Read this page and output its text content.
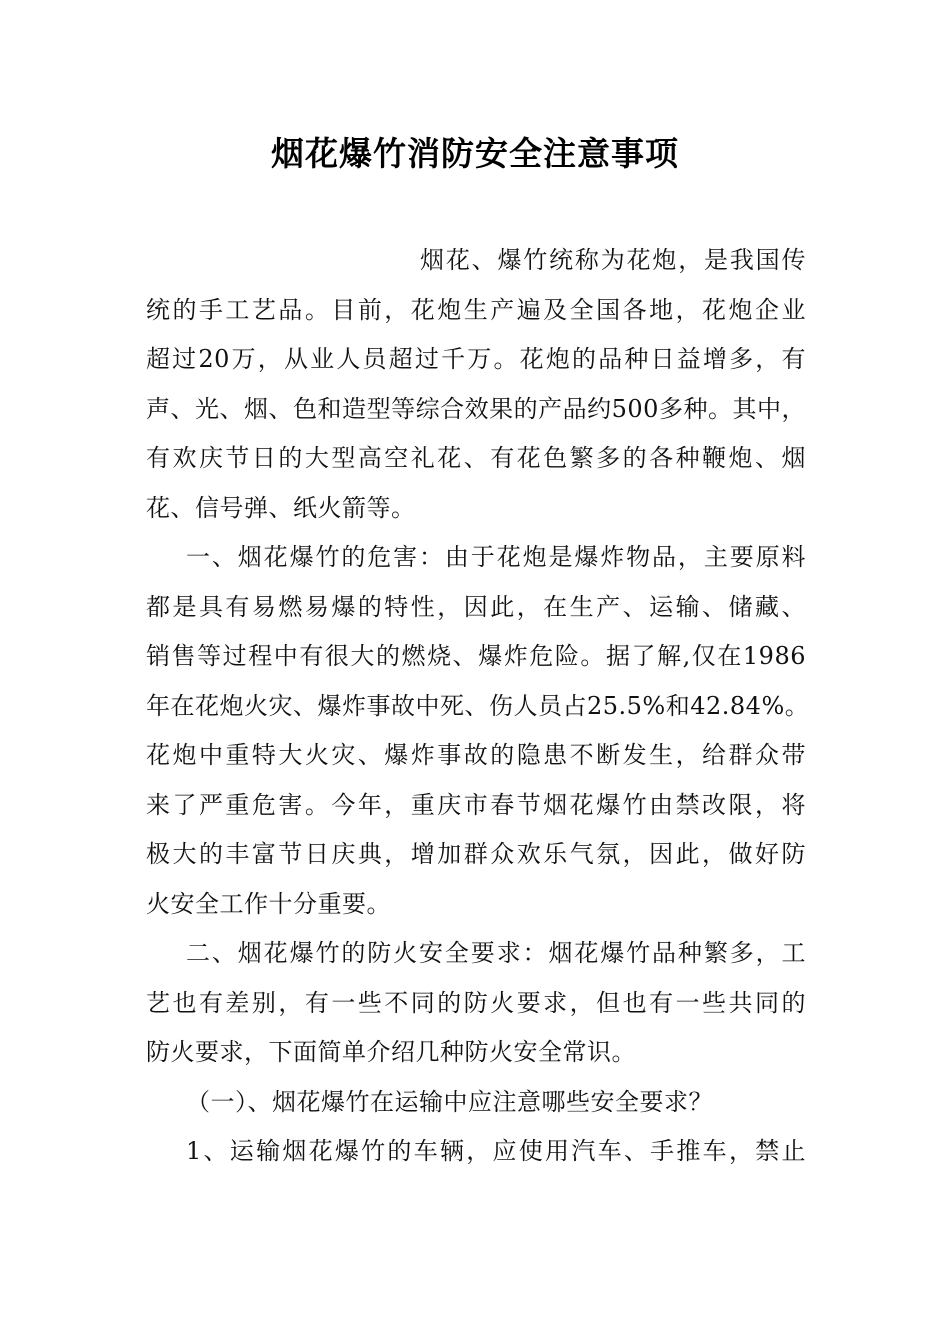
烟花爆竹消防安全注意事项
烟花、爆竹统称为花炮，是我国传
统的手工艺品。目前，花炮生产遍及全国各地，花炮企业
超过20万，从业人员超过千万。花炮的品种日益增多，有
声、光、烟、色和造型等综合效果的产品约500多种。其中，
有欢庆节日的大型高空礼花、有花色繁多的各种鞭炮、烟
花、信号弹、纸火箭等。
一、烟花爆竹的危害：由于花炮是爆炸物品，主要原料
都是具有易燃易爆的特性，因此，在生产、运输、储藏、
销售等过程中有很大的燃烧、爆炸危险。据了解,仅在1986
年在花炮火灾、爆炸事故中死、伤人员占25.5%和42.84%。
花炮中重特大火灾、爆炸事故的隐患不断发生，给群众带
来了严重危害。今年，重庆市春节烟花爆竹由禁改限，将
极大的丰富节日庆典，增加群众欢乐气氛，因此，做好防
火安全工作十分重要。
二、烟花爆竹的防火安全要求：烟花爆竹品种繁多，工
艺也有差别，有一些不同的防火要求，但也有一些共同的
防火要求，下面简单介绍几种防火安全常识。
（一）、烟花爆竹在运输中应注意哪些安全要求？
1、运输烟花爆竹的车辆，应使用汽车、手推车，禁止
